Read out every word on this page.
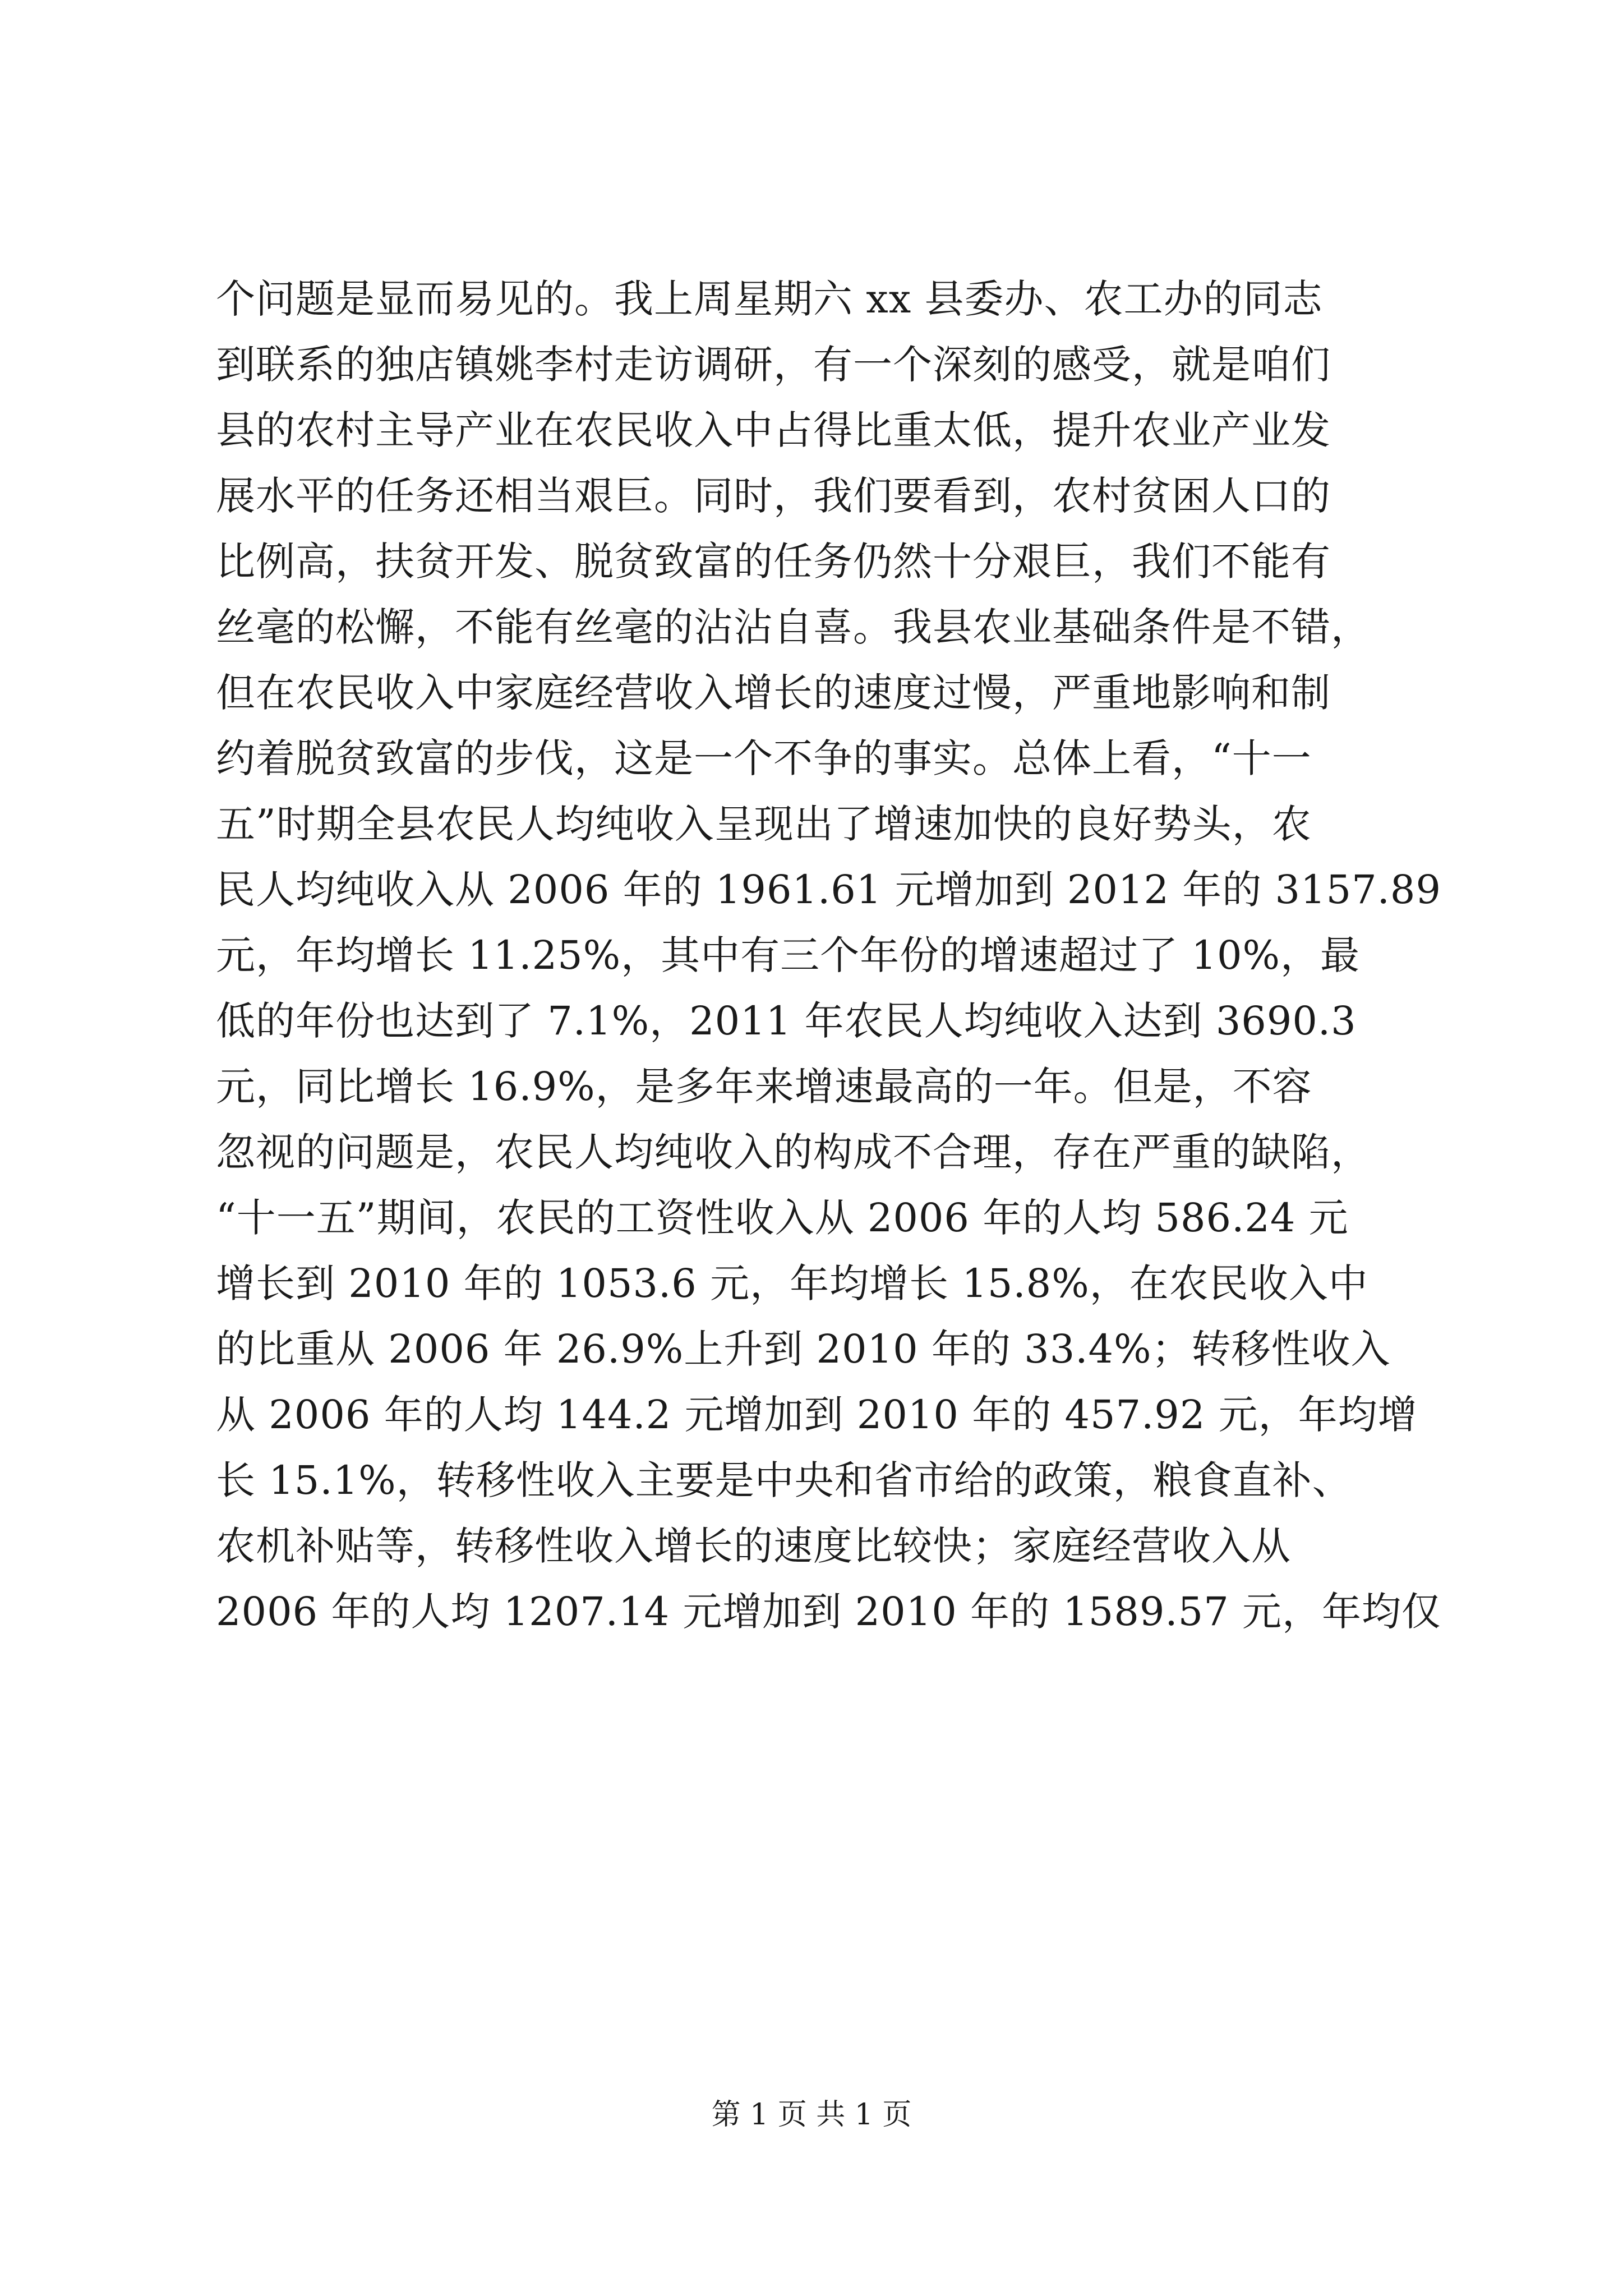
个问题是显而易见的。我上周星期六 xx 县委办、农工办的同志
到联系的独店镇姚李村走访调研，有一个深刻的感受，就是咱们
县的农村主导产业在农民收入中占得比重太低，提升农业产业发
展水平的任务还相当艰巨。同时，我们要看到，农村贫困人口的
比例高，扶贫开发、脱贫致富的任务仍然十分艰巨，我们不能有
丝毫的松懈，不能有丝毫的沾沾自喜。我县农业基础条件是不错，
但在农民收入中家庭经营收入增长的速度过慢，严重地影响和制
约着脱贫致富的步伐，这是一个不争的事实。总体上看，“十一
五”时期全县农民人均纯收入呈现出了增速加快的良好势头，农
民人均纯收入从 2006 年的 1961.61 元增加到 2012 年的 3157.89
元，年均增长 11.25%，其中有三个年份的增速超过了 10%，最
低的年份也达到了 7.1%，2011 年农民人均纯收入达到 3690.3
元，同比增长 16.9%，是多年来增速最高的一年。但是，不容
忽视的问题是，农民人均纯收入的构成不合理，存在严重的缺陷，
“十一五”期间，农民的工资性收入从 2006 年的人均 586.24 元
增长到 2010 年的 1053.6 元，年均增长 15.8%，在农民收入中
的比重从 2006 年 26.9%上升到 2010 年的 33.4%；转移性收入
从 2006 年的人均 144.2 元增加到 2010 年的 457.92 元，年均增
长 15.1%，转移性收入主要是中央和省市给的政策，粮食直补、
农机补贴等，转移性收入增长的速度比较快；家庭经营收入从
2006 年的人均 1207.14 元增加到 2010 年的 1589.57 元，年均仅
第 1 页 共 1 页
